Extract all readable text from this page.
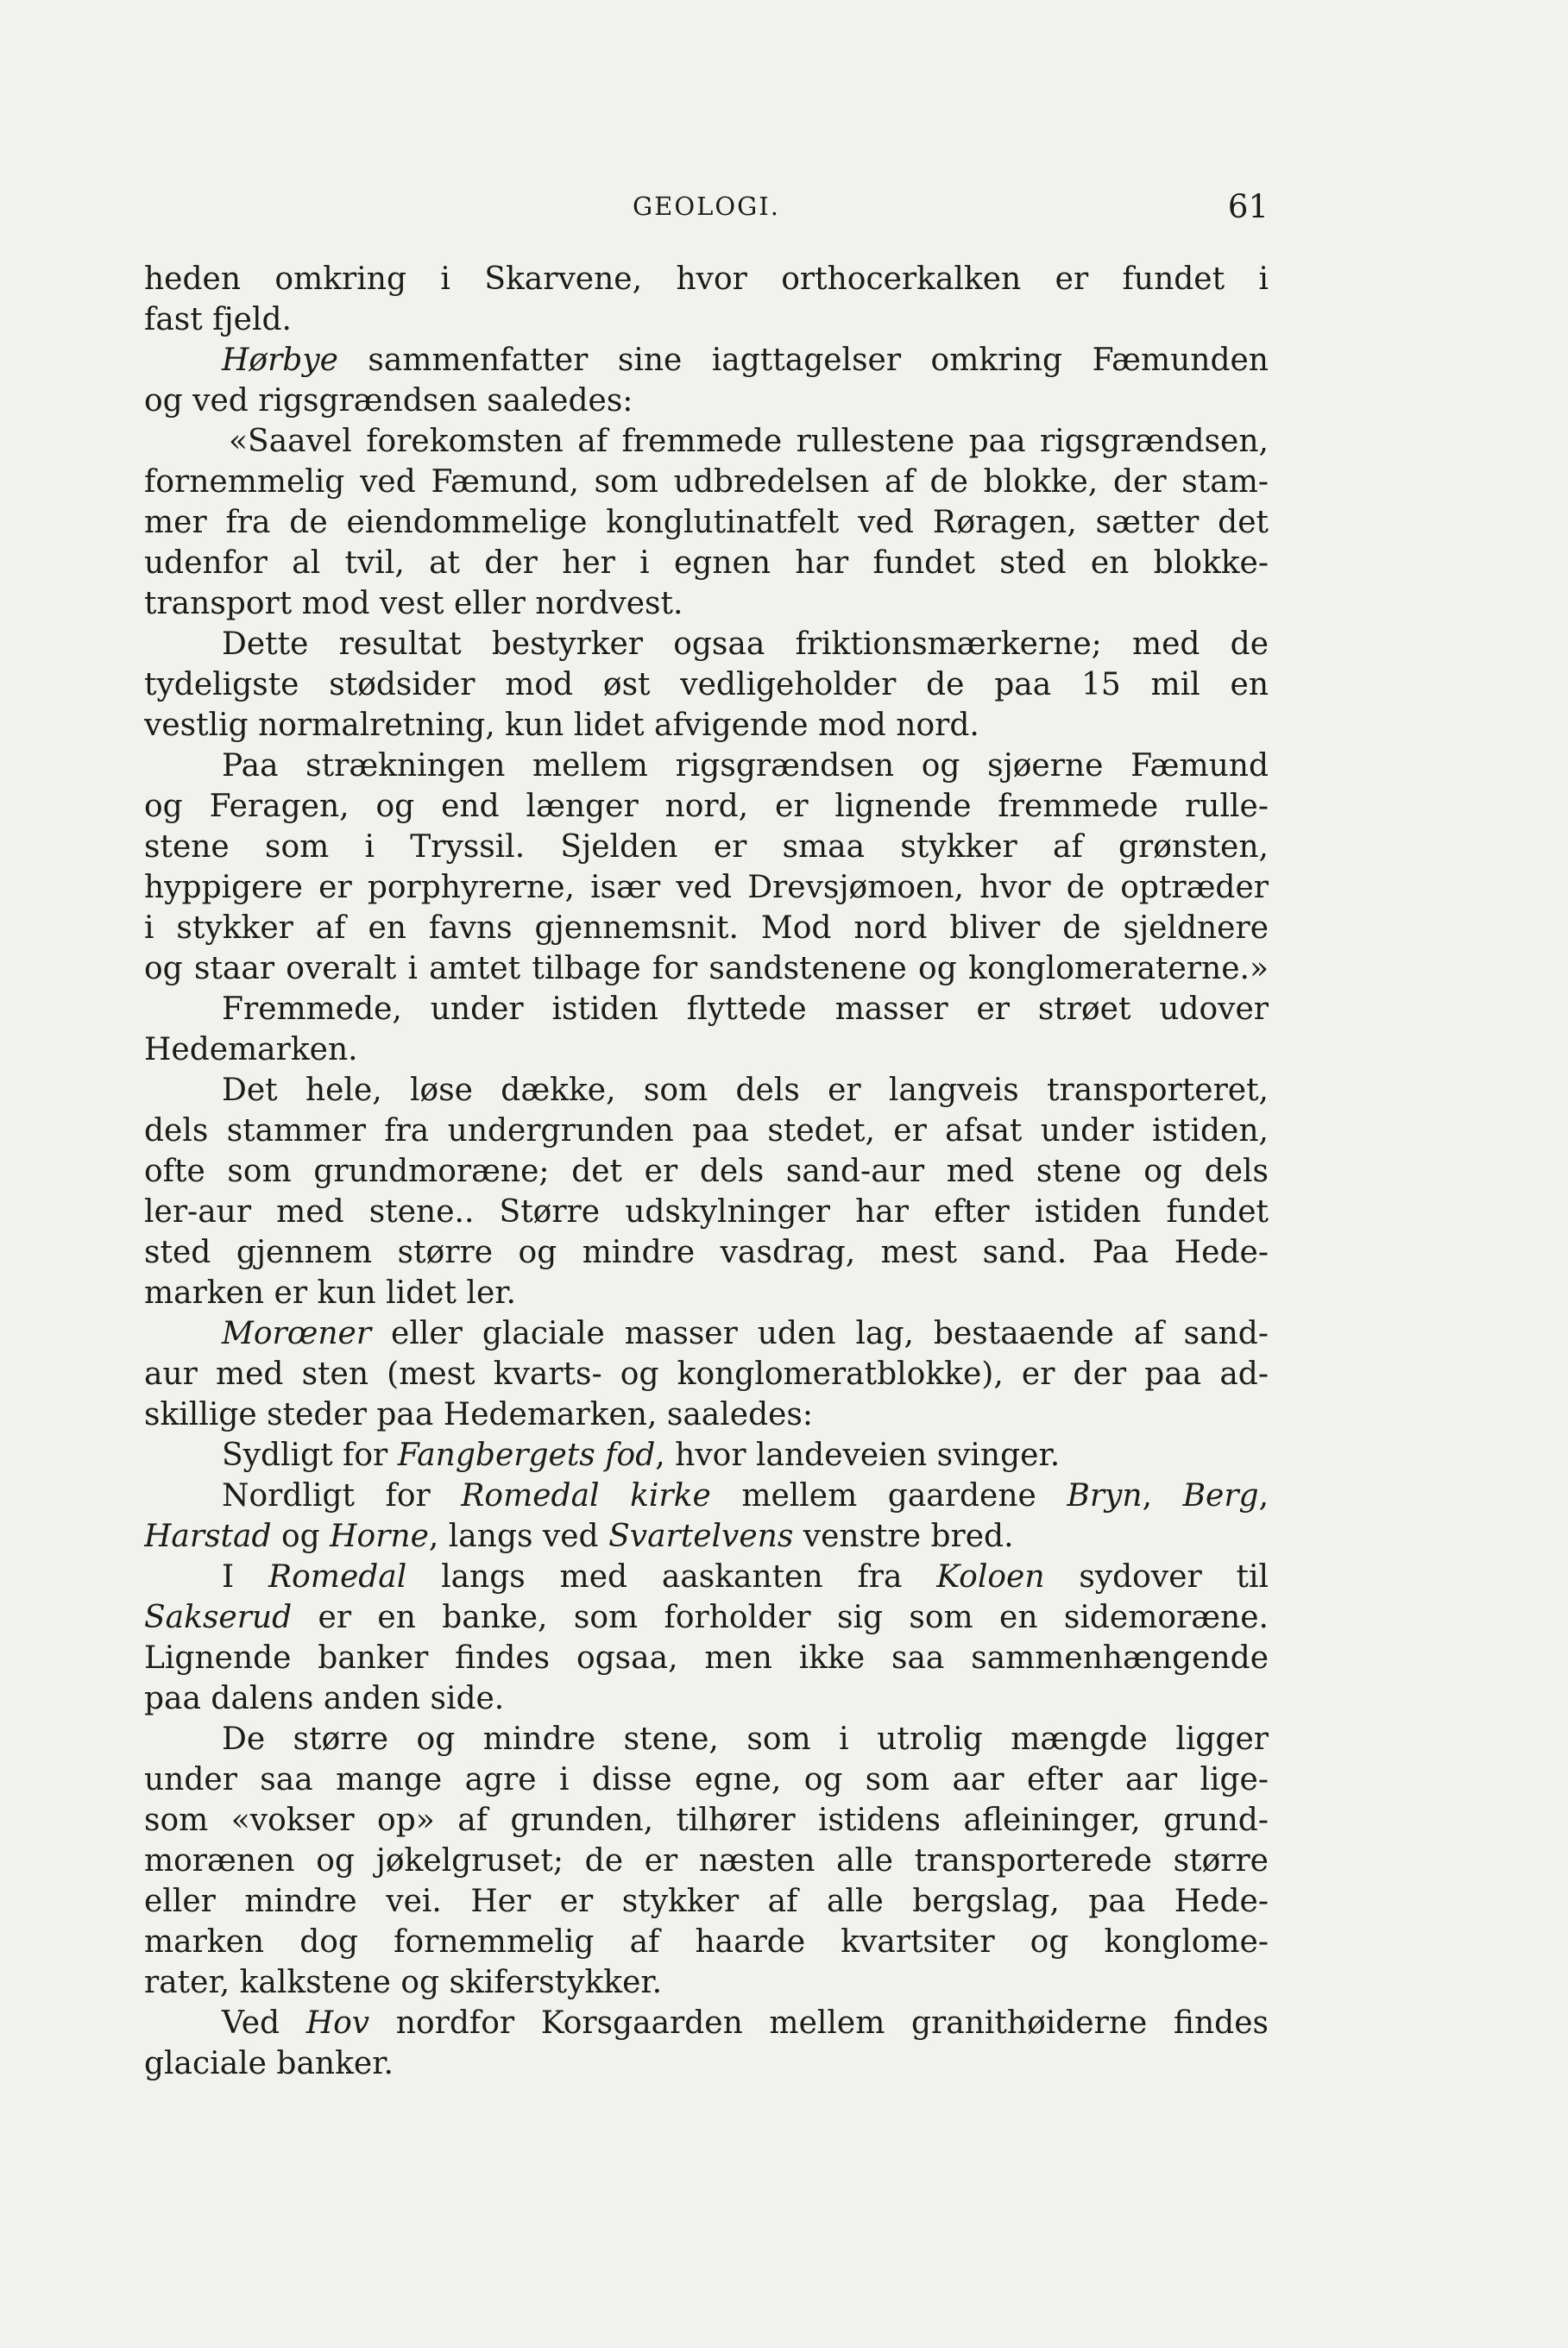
GEOLOGI.	61
heden omkring i Skarvene, hvor orthocerkalken er fundet i
fast fjeld.
Hørbye sammenfatter sine iagttagelser omkring Fæmunden
og ved rigsgrændsen saaledes:
«Saavel forekomsten af fremmede rullestene paa rigsgrændsen,
fornemmelig ved Fæmund, som udbredelsen af de blokke, der stam-
mer fra de eiendommelige konglutinatfelt ved Røragen, sætter det
udenfor al tvil, at der her i egnen har fundet sted en blokke-
transport mod vest eller nordvest.
Dette resultat bestyrker ogsaa friktionsmærkerne; med de
tydeligste stødsider mod øst vedligeholder de paa 15 mil en
vestlig normalretning, kun lidet afvigende mod nord.
Paa strækningen mellem rigsgrændsen og sjøerne Fæmund
og Feragen, og end længer nord, er lignende fremmede rulle-
stene som i Tryssil. Sjelden er smaa stykker af grønsten,
hyppigere er porphyrerne, især ved Drevsjømoen, hvor de optræder
i stykker af en favns gjennemsnit. Mod nord bliver de sjeldnere
og staar overalt i amtet tilbage for sandstenene og konglomeraterne.»
Fremmede, under istiden flyttede masser er strøet udover
Hedemarken.
Det hele, løse dække, som dels er langveis transporteret,
dels stammer fra undergrunden paa stedet, er afsat under istiden,
ofte som grundmoræne; det er dels sand-aur med stene og dels
ler-aur med stene.. Større udskylninger har efter istiden fundet
sted gjennem større og mindre vasdrag, mest sand. Paa Hede-
marken er kun lidet ler.
Morœner eller glaciale masser uden lag, bestaaende af sand-
aur med sten (mest kvarts- og konglomeratblokke), er der paa ad-
skillige steder paa Hedemarken, saaledes:
Sydligt for Fangbergets fod, hvor landeveien svinger.
Nordligt for Romedal kirke mellem gaardene Bryn, Berg,
Harstad og Horne, langs ved Svartelvens venstre bred.
I Romedal langs med aaskanten fra Koloen sydover til
Sakserud er en banke, som forholder sig som en sidemoræne.
Lignende banker findes ogsaa, men ikke saa sammenhængende
paa dalens anden side.
De større og mindre stene, som i utrolig mængde ligger
under saa mange agre i disse egne, og som aar efter aar lige-
som «vokser op» af grunden, tilhører istidens afleininger, grund-
morænen og jøkelgruset; de er næsten alle transporterede større
eller mindre vei. Her er stykker af alle bergslag, paa Hede-
marken dog fornemmelig af haarde kvartsiter og konglome-
rater, kalkstene og skiferstykker.
Ved Hov nordfor Korsgaarden mellem granithøiderne findes
glaciale banker.
